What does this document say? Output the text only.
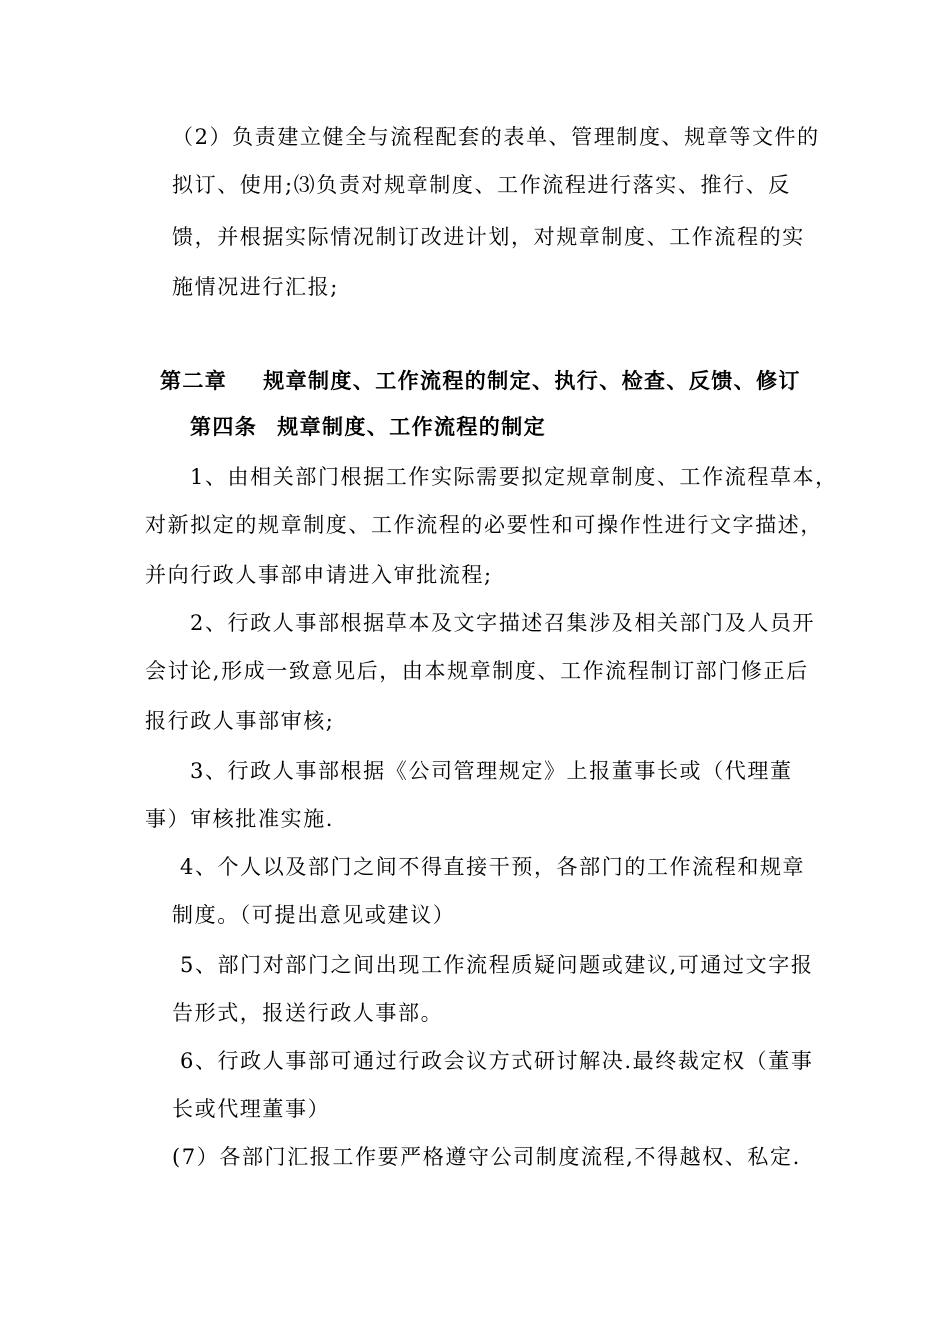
（2）负责建立健全与流程配套的表单、管理制度、规章等文件的
拟订、使用;⑶负责对规章制度、工作流程进行落实、推行、反
馈，并根据实际情况制订改进计划，对规章制度、工作流程的实
施情况进行汇报;
第二章 规章制度、工作流程的制定、执行、检查、反馈、修订
第四条 规章制度、工作流程的制定
1、由相关部门根据工作实际需要拟定规章制度、工作流程草本，
对新拟定的规章制度、工作流程的必要性和可操作性进行文字描述，
并向行政人事部申请进入审批流程;
2、行政人事部根据草本及文字描述召集涉及相关部门及人员开
会讨论,形成一致意见后，由本规章制度、工作流程制订部门修正后
报行政人事部审核;
3、行政人事部根据《公司管理规定》上报董事长或（代理董
事）审核批准实施.
4、个人以及部门之间不得直接干预，各部门的工作流程和规章
制度。（可提出意见或建议）
5、部门对部门之间出现工作流程质疑问题或建议,可通过文字报
告形式，报送行政人事部。
6、行政人事部可通过行政会议方式研讨解决.最终裁定权（董事
长或代理董事）
(7）各部门汇报工作要严格遵守公司制度流程,不得越权、私定.
